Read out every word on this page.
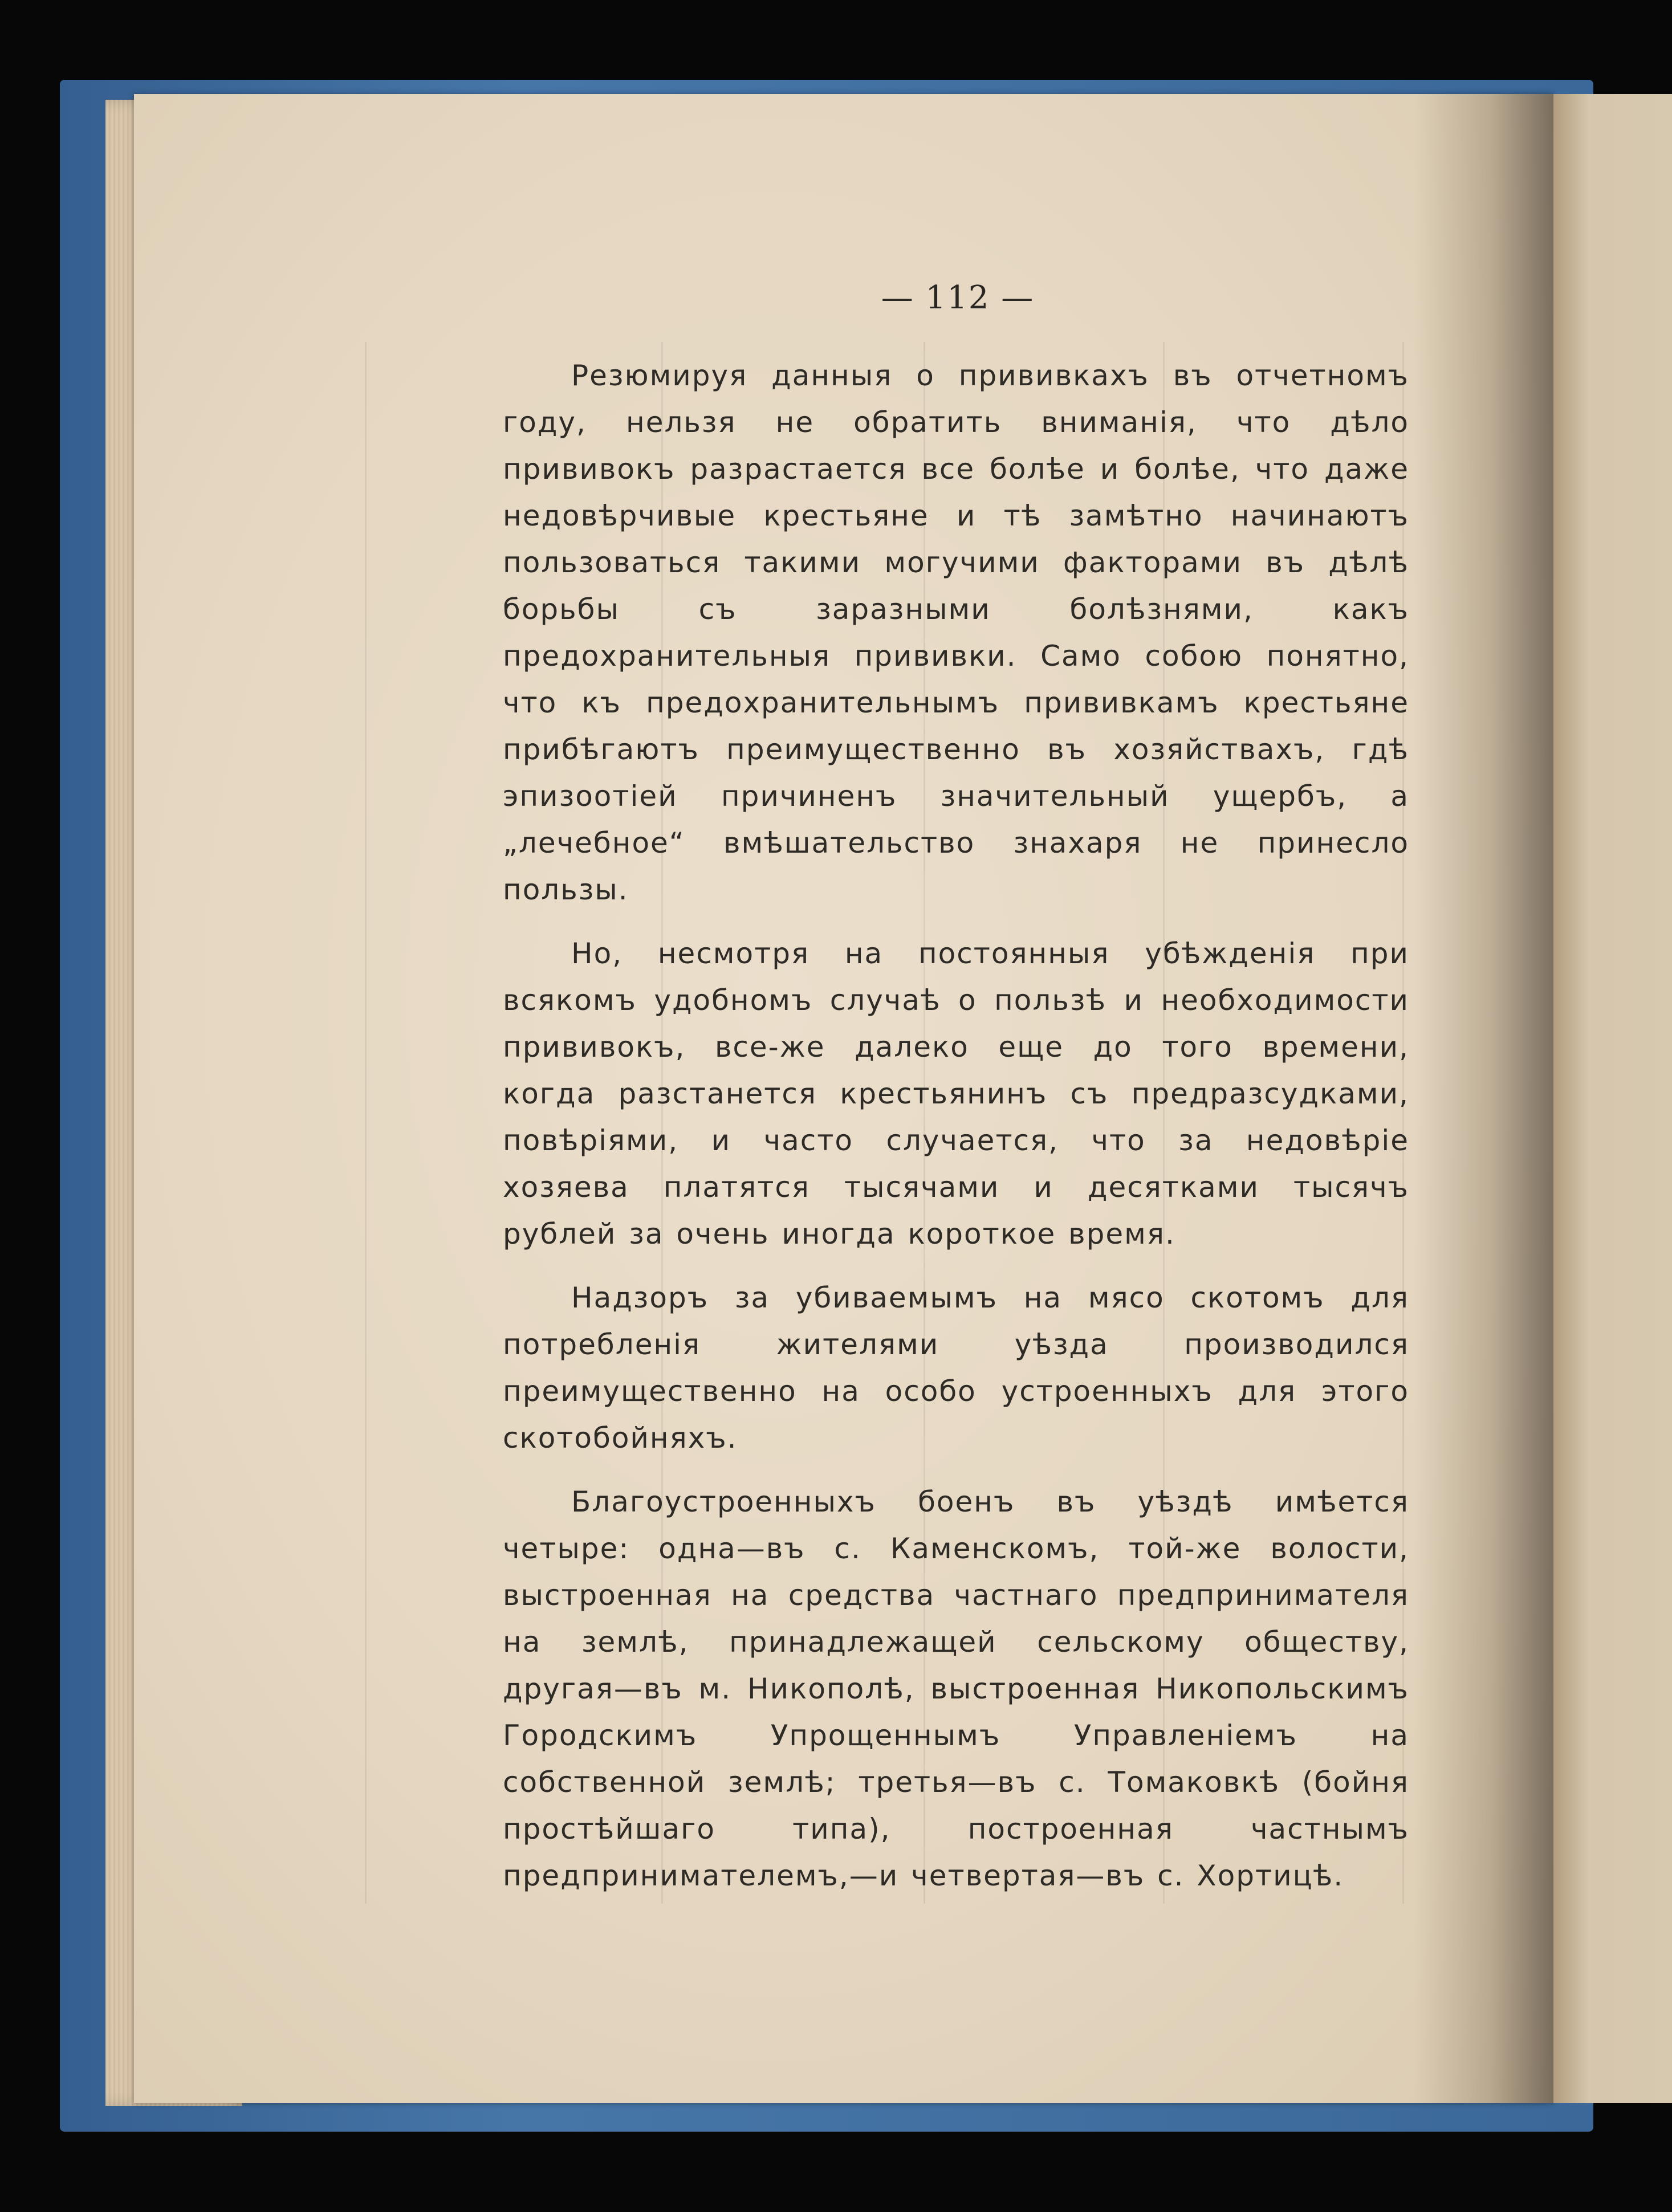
— 112 —

Резюмируя данныя о прививкахъ въ отчетномъ году, нельзя не обратить вниманія, что дѣло прививокъ разрастается все болѣе и болѣе, что даже недовѣрчивые крестьяне и тѣ замѣтно начинаютъ пользоваться такими могучими факторами въ дѣлѣ борьбы съ заразными болѣзнями, какъ предохранительныя прививки. Само собою понятно, что къ предохранительнымъ прививкамъ крестьяне прибѣгаютъ преимущественно въ хозяйствахъ, гдѣ эпизоотіей причиненъ значительный ущербъ, а „лечебное“ вмѣшательство знахаря не принесло пользы.

Но, несмотря на постоянныя убѣжденія при всякомъ удобномъ случаѣ о пользѣ и необходимости прививокъ, все-же далеко еще до того времени, когда разстанется крестьянинъ съ предразсудками, повѣріями, и часто случается, что за недовѣріе хозяева платятся тысячами и десятками тысячъ рублей за очень иногда короткое время.

Надзоръ за убиваемымъ на мясо скотомъ для потребленія жителями уѣзда производился преимущественно на особо устроенныхъ для этого скотобойняхъ.

Благоустроенныхъ боенъ въ уѣздѣ имѣется четыре: одна—въ с. Каменскомъ, той-же волости, выстроенная на средства частнаго предпринимателя на землѣ, принадлежащей сельскому обществу, другая—въ м. Никополѣ, выстроенная Никопольскимъ Городскимъ Упрощеннымъ Управленіемъ на собственной землѣ; третья—въ с. Томаковкѣ (бойня простѣйшаго типа), построенная частнымъ предпринимателемъ,—и четвертая—въ с. Хортицѣ.
